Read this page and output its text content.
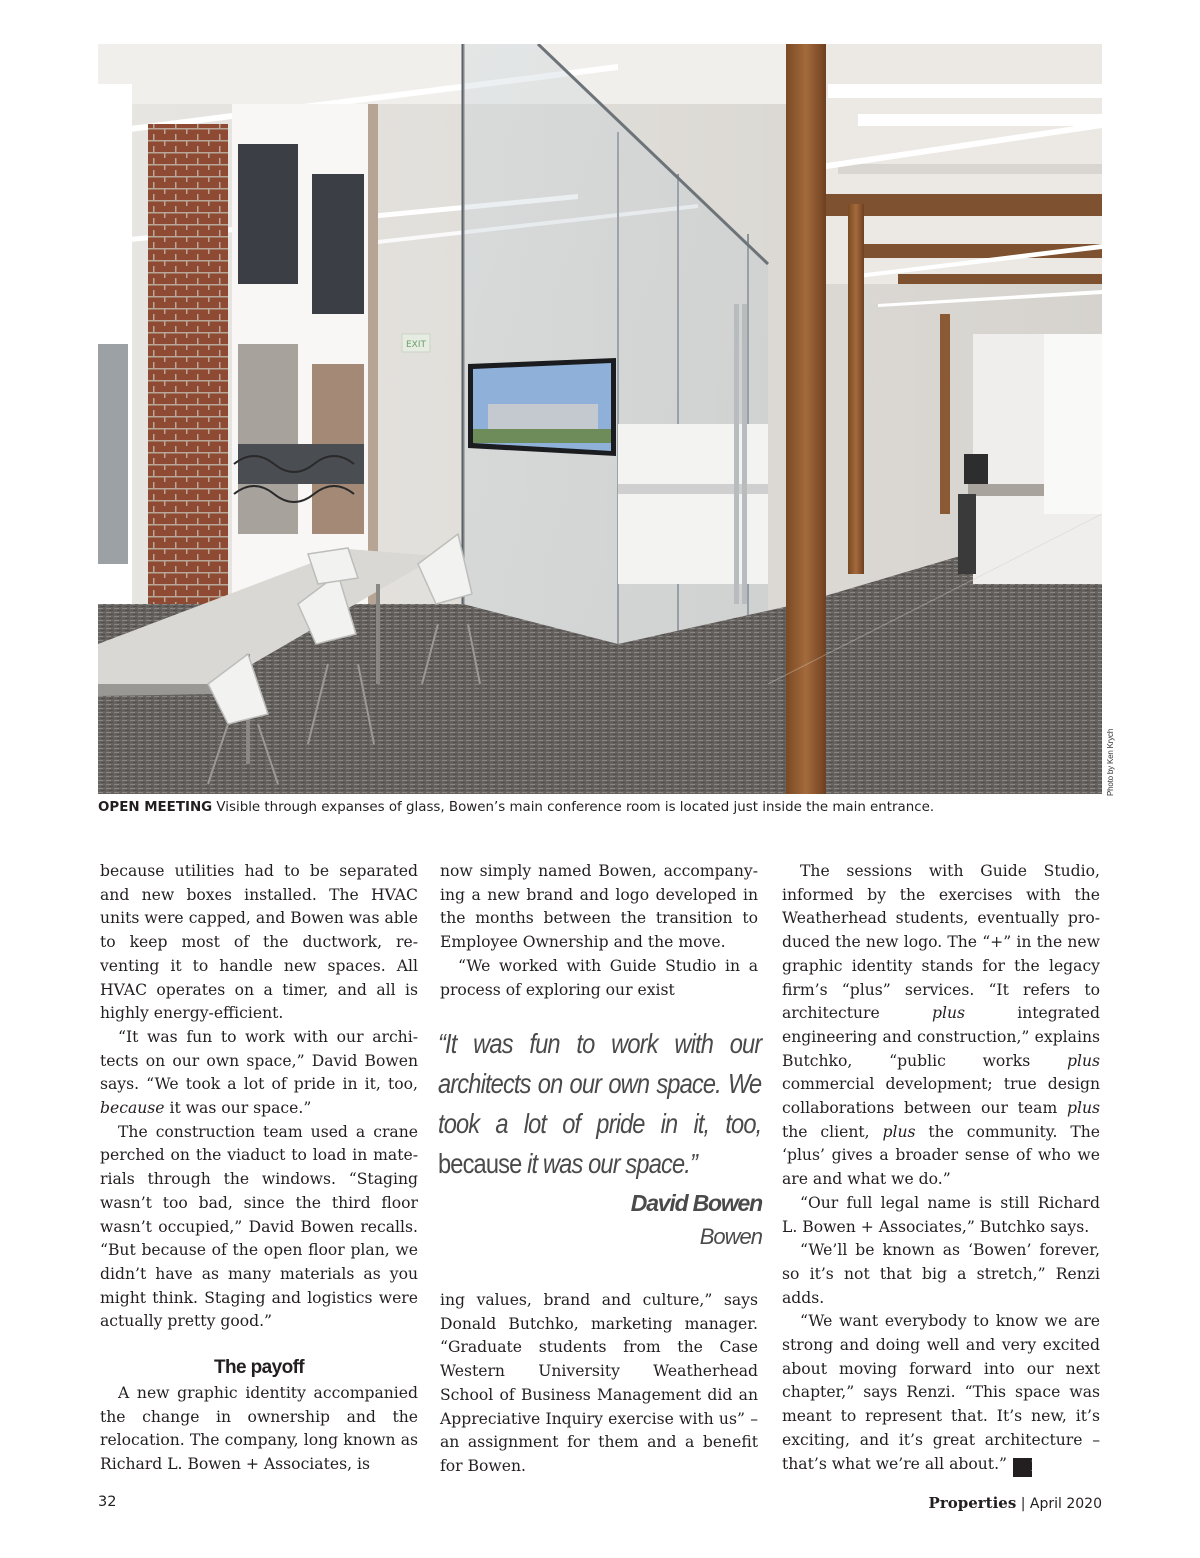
EXIT
Photo by Ken Krych
OPEN MEETING Visible through expanses of glass, Bowen’s main conference room is located just inside the main entrance.

because utilities had to be separated and new boxes installed. The HVAC units were capped, and Bowen was able to keep most of the ductwork, reventing it to handle new spaces. All HVAC operates on a timer, and all is highly energy-efficient.

“It was fun to work with our architects on our own space,” David Bowen says. “We took a lot of pride in it, too, because it was our space.”

The construction team used a crane perched on the viaduct to load in materials through the windows. “Staging wasn’t too bad, since the third floor wasn’t occupied,” David Bowen recalls. “But because of the open floor plan, we didn’t have as many materials as you might think. Staging and logistics were actually pretty good.”

The payoff

A new graphic identity accompanied the change in ownership and the relocation. The company, long known as Richard L. Bowen + Associates, is

now simply named Bowen, accompanying a new brand and logo developed in the months between the transition to Employee Ownership and the move.

“We worked with Guide Studio in a process of exploring our exist

“It was fun to work with our architects on our own space. We took a lot of pride in it, too, because it was our space.”
David Bowen
Bowen

ing values, brand and culture,” says Donald Butchko, marketing manager. “Graduate students from the Case Western University Weatherhead School of Business Management did an Appreciative Inquiry exercise with us” – an assignment for them and a benefit for Bowen.

The sessions with Guide Studio, informed by the exercises with the Weatherhead students, eventually produced the new logo. The “+” in the new graphic identity stands for the legacy firm’s “plus” services. “It refers to architecture plus integrated engineering and construction,” explains Butchko, “public works plus commercial development; true design collaborations between our team plus the client, plus the community. The ‘plus’ gives a broader sense of who we are and what we do.”

“Our full legal name is still Richard L. Bowen + Associates,” Butchko says.

“We’ll be known as ‘Bowen’ forever, so it’s not that big a stretch,” Renzi adds.

“We want everybody to know we are strong and doing well and very excited about moving forward into our next chapter,” says Renzi. “This space was meant to represent that. It’s new, it’s exciting, and it’s great architecture – that’s what we’re all about.” P

32	Properties | April 2020
